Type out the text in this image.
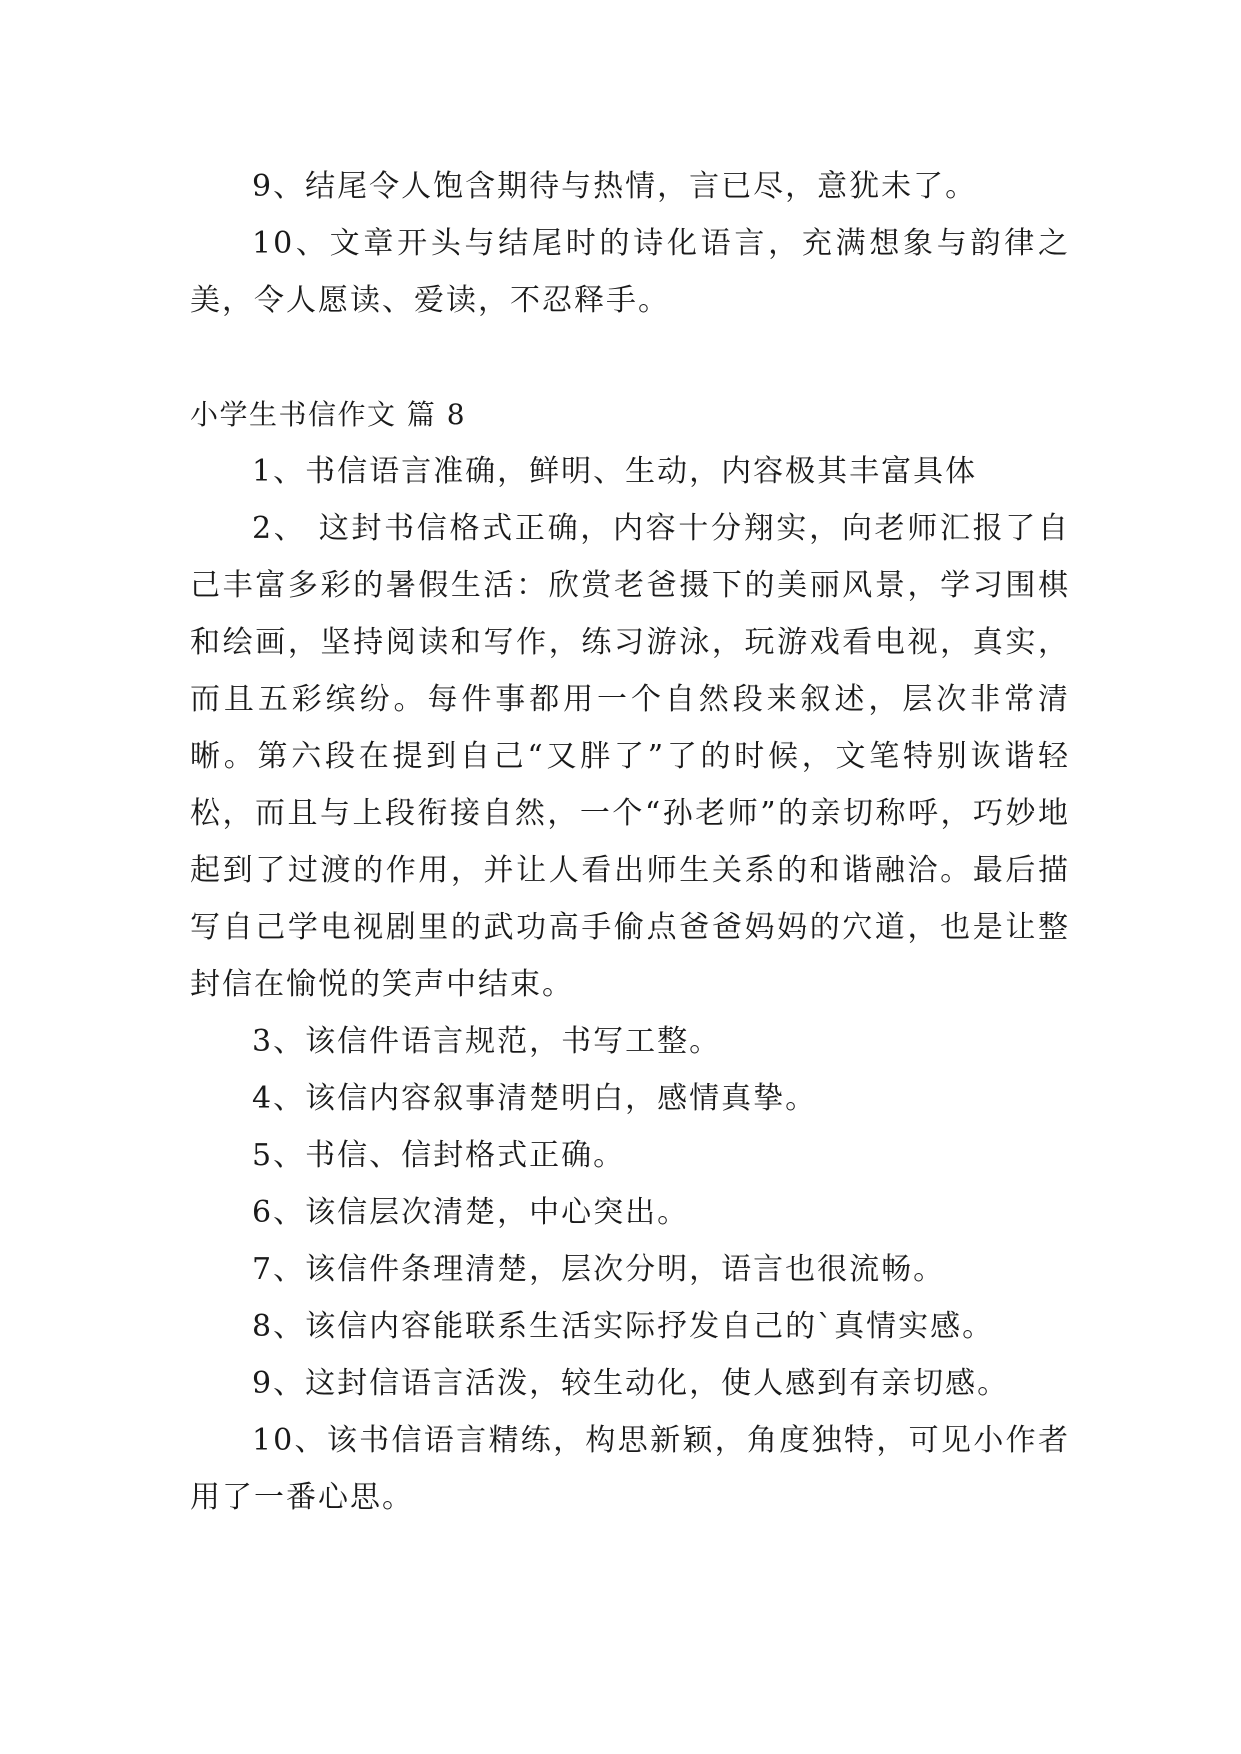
9、结尾令人饱含期待与热情，言已尽，意犹未了。

10、文章开头与结尾时的诗化语言，充满想象与韵律之美，令人愿读、爱读，不忍释手。

小学生书信作文 篇 8

1、书信语言准确，鲜明、生动，内容极其丰富具体

2、 这封书信格式正确，内容十分翔实，向老师汇报了自己丰富多彩的暑假生活：欣赏老爸摄下的美丽风景，学习围棋和绘画，坚持阅读和写作，练习游泳，玩游戏看电视，真实，而且五彩缤纷。每件事都用一个自然段来叙述，层次非常清晰。第六段在提到自己“又胖了”了的时候，文笔特别诙谐轻松，而且与上段衔接自然，一个“孙老师”的亲切称呼，巧妙地起到了过渡的作用，并让人看出师生关系的和谐融洽。最后描写自己学电视剧里的武功高手偷点爸爸妈妈的穴道，也是让整封信在愉悦的笑声中结束。

3、该信件语言规范，书写工整。

4、该信内容叙事清楚明白，感情真挚。

5、书信、信封格式正确。

6、该信层次清楚，中心突出。

7、该信件条理清楚，层次分明，语言也很流畅。

8、该信内容能联系生活实际抒发自己的`真情实感。

9、这封信语言活泼，较生动化，使人感到有亲切感。

10、该书信语言精练，构思新颖，角度独特，可见小作者用了一番心思。
